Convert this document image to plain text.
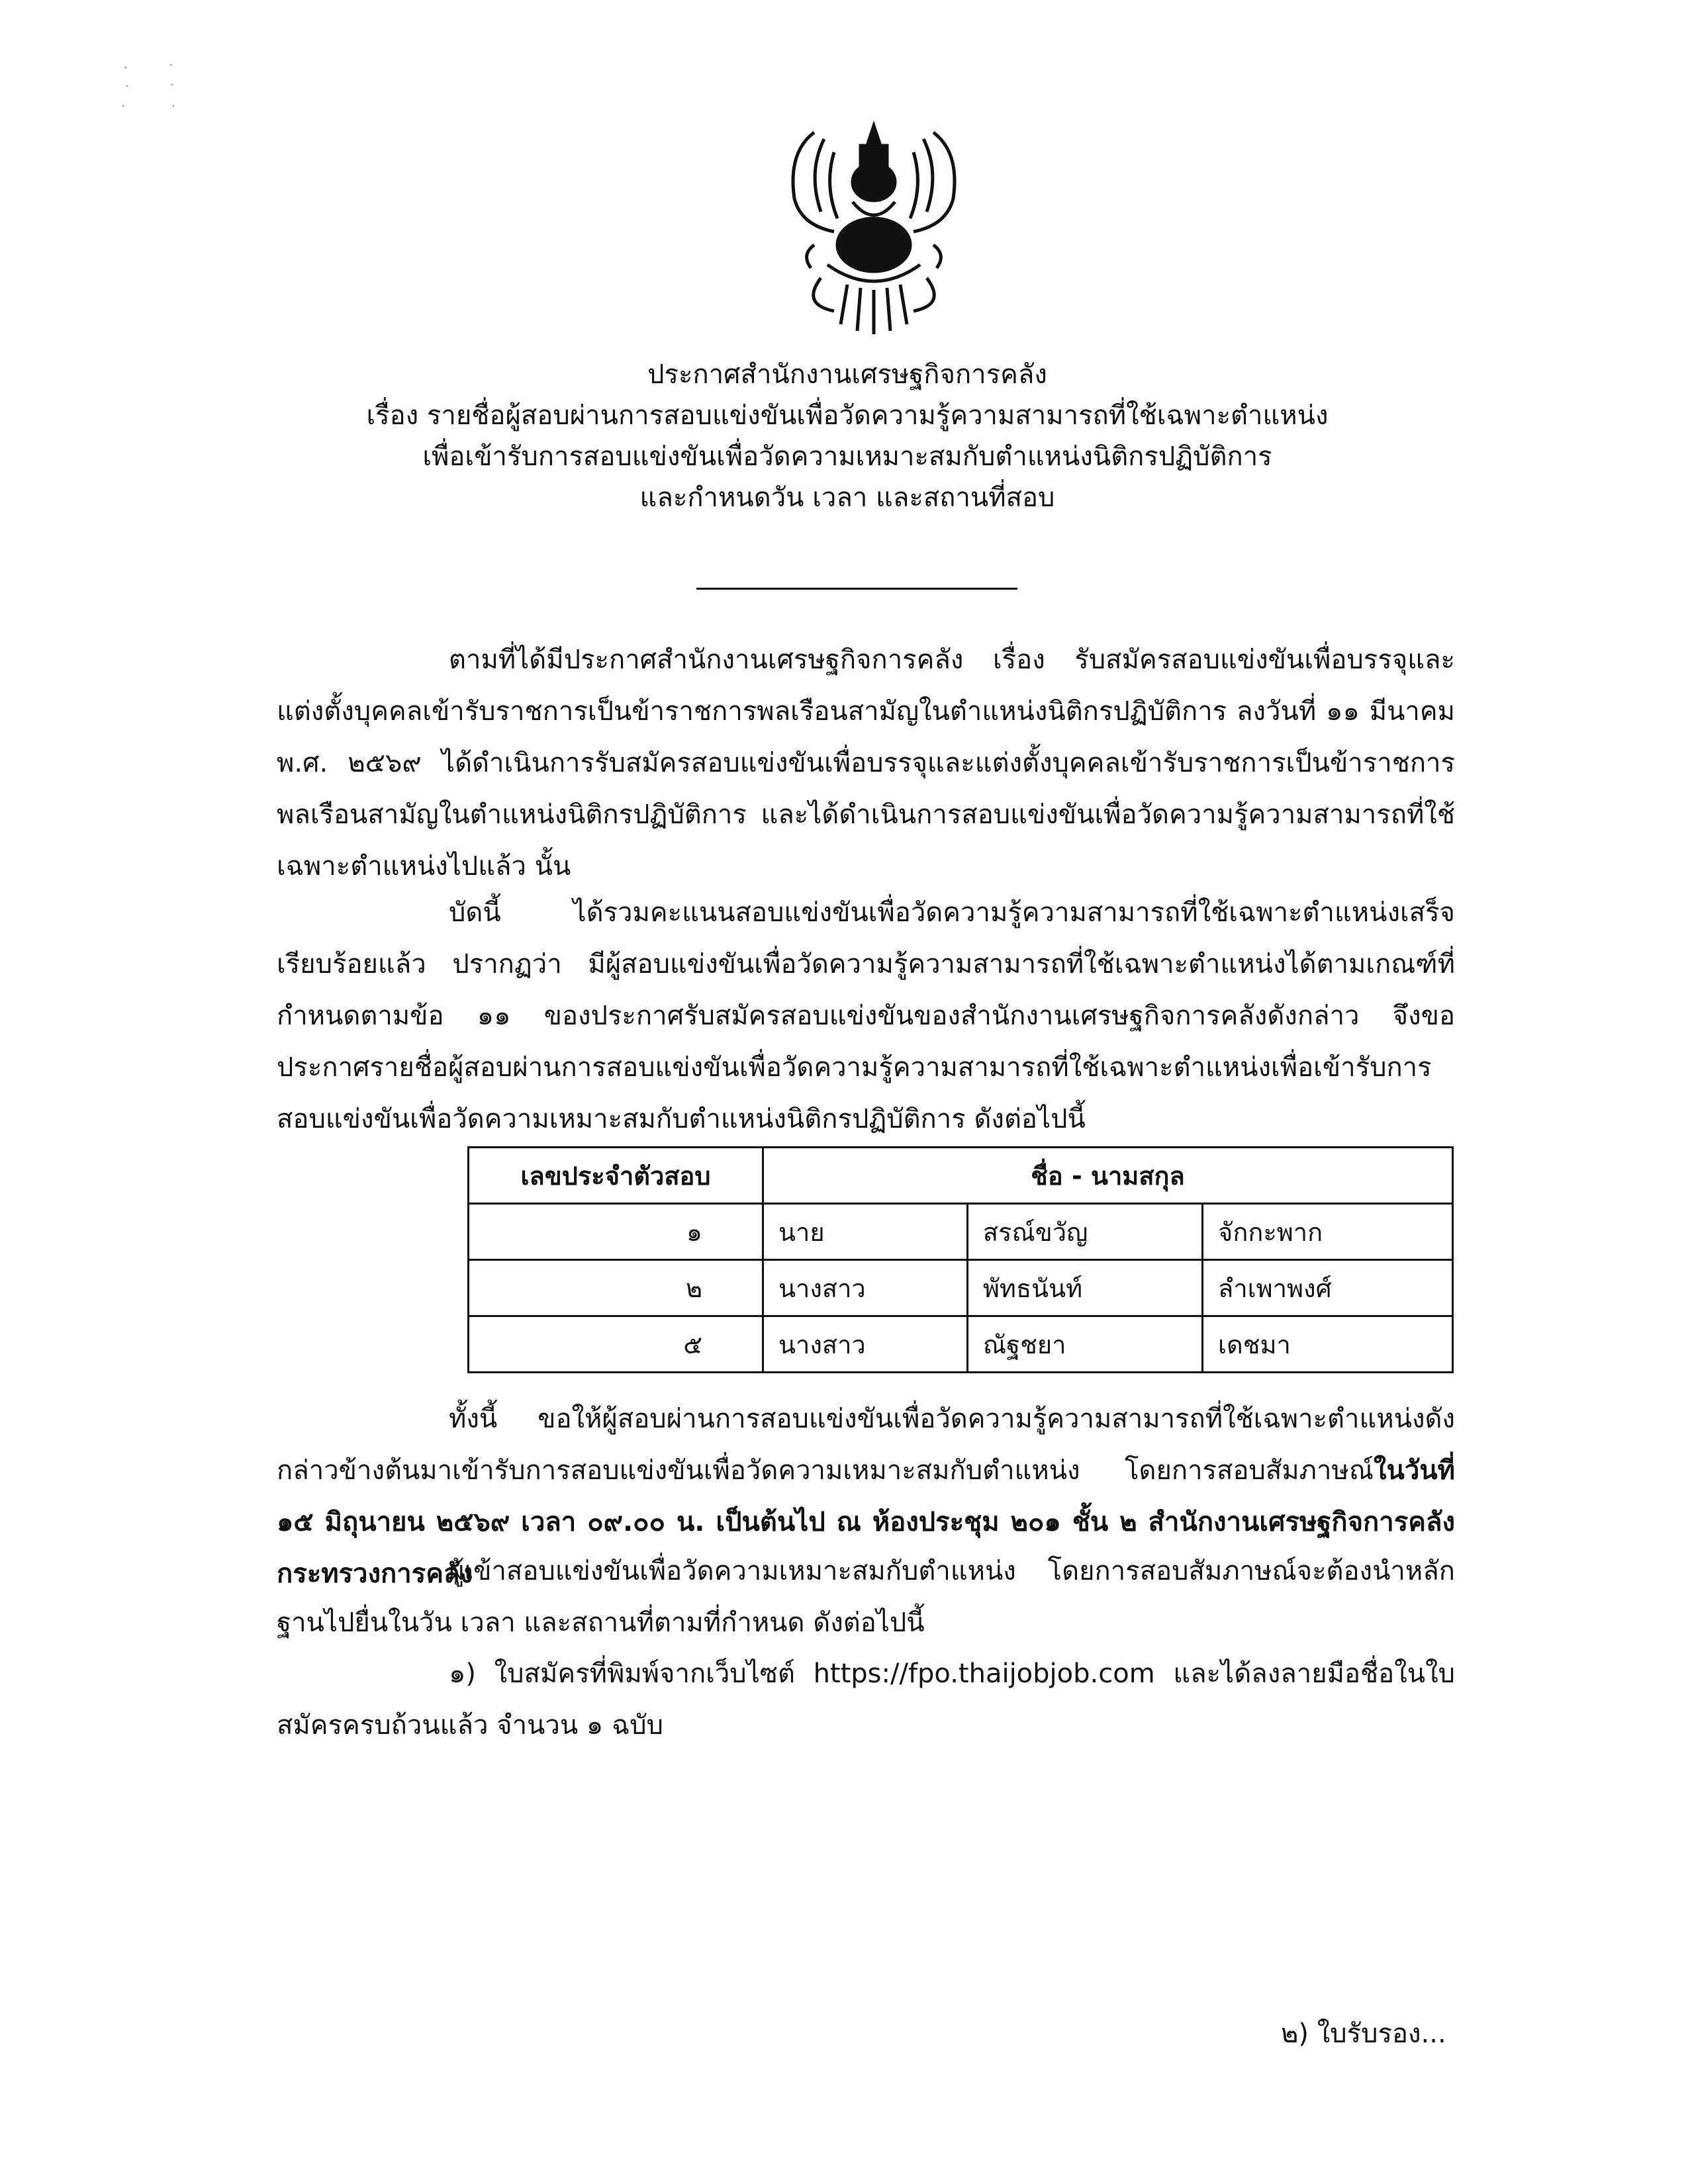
ประกาศสำนักงานเศรษฐกิจการคลัง
เรื่อง รายชื่อผู้สอบผ่านการสอบแข่งขันเพื่อวัดความรู้ความสามารถที่ใช้เฉพาะตำแหน่ง
เพื่อเข้ารับการสอบแข่งขันเพื่อวัดความเหมาะสมกับตำแหน่งนิติกรปฏิบัติการ
และกำหนดวัน เวลา และสถานที่สอบ
ตามที่ได้มีประกาศสำนักงานเศรษฐกิจการคลัง เรื่อง รับสมัครสอบแข่งขันเพื่อบรรจุและแต่งตั้งบุคคลเข้ารับราชการเป็นข้าราชการพลเรือนสามัญในตำแหน่งนิติกรปฏิบัติการ ลงวันที่ ๑๑ มีนาคม พ.ศ. ๒๕๖๙ ได้ดำเนินการรับสมัครสอบแข่งขันเพื่อบรรจุและแต่งตั้งบุคคลเข้ารับราชการเป็นข้าราชการพลเรือนสามัญในตำแหน่งนิติกรปฏิบัติการ และได้ดำเนินการสอบแข่งขันเพื่อวัดความรู้ความสามารถที่ใช้เฉพาะตำแหน่งไปแล้ว นั้น
บัดนี้ ได้รวมคะแนนสอบแข่งขันเพื่อวัดความรู้ความสามารถที่ใช้เฉพาะตำแหน่งเสร็จเรียบร้อยแล้ว ปรากฏว่า มีผู้สอบแข่งขันเพื่อวัดความรู้ความสามารถที่ใช้เฉพาะตำแหน่งได้ตามเกณฑ์ที่กำหนดตามข้อ ๑๑ ของประกาศรับสมัครสอบแข่งขันของสำนักงานเศรษฐกิจการคลังดังกล่าว จึงขอประกาศรายชื่อผู้สอบผ่านการสอบแข่งขันเพื่อวัดความรู้ความสามารถที่ใช้เฉพาะตำแหน่งเพื่อเข้ารับการสอบแข่งขันเพื่อวัดความเหมาะสมกับตำแหน่งนิติกรปฏิบัติการ ดังต่อไปนี้
เลขประจำตัวสอบ	ชื่อ - นามสกุล		
๑	นาย	สรณ์ขวัญ	จักกะพาก
๒	นางสาว	พัทธนันท์	ลำเพาพงศ์
๕	นางสาว	ณัฐชยา	เดชมา
ทั้งนี้ ขอให้ผู้สอบผ่านการสอบแข่งขันเพื่อวัดความรู้ความสามารถที่ใช้เฉพาะตำแหน่งดังกล่าวข้างต้นมาเข้ารับการสอบแข่งขันเพื่อวัดความเหมาะสมกับตำแหน่ง โดยการสอบสัมภาษณ์ในวันที่ ๑๕ มิถุนายน ๒๕๖๙ เวลา ๐๙.๐๐ น. เป็นต้นไป ณ ห้องประชุม ๒๐๑ ชั้น ๒ สำนักงานเศรษฐกิจการคลัง กระทรวงการคลัง
ผู้เข้าสอบแข่งขันเพื่อวัดความเหมาะสมกับตำแหน่ง โดยการสอบสัมภาษณ์จะต้องนำหลักฐานไปยื่นในวัน เวลา และสถานที่ตามที่กำหนด ดังต่อไปนี้
๑) ใบสมัครที่พิมพ์จากเว็บไซต์ https://fpo.thaijobjob.com และได้ลงลายมือชื่อในใบสมัครครบถ้วนแล้ว จำนวน ๑ ฉบับ
๒) ใบรับรอง...
